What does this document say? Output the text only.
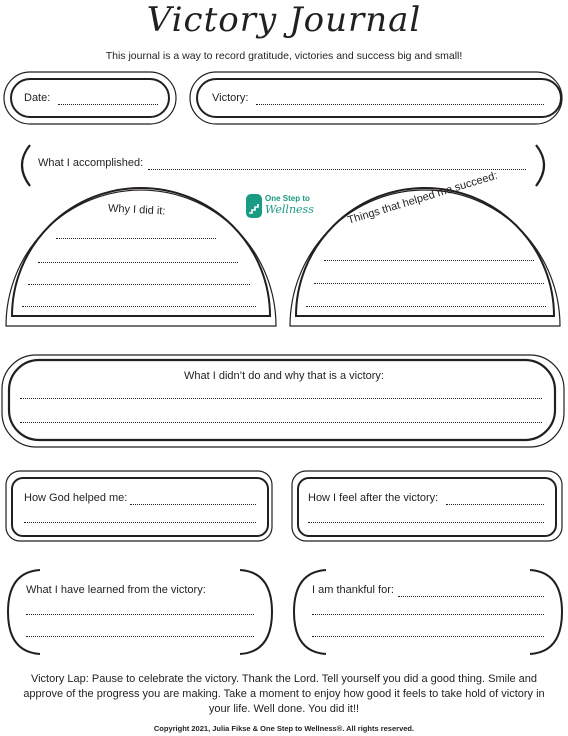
Victory Journal
This journal is a way to record gratitude, victories and success big and small!
Date:	Victory:
What I accomplished:
One Step to
Wellness
Why I did it:	Things that helped me succeed:
What I didn’t do and why that is a victory:
How God helped me:	How I feel after the victory:
What I have learned from the victory:	I am thankful for:
Victory Lap: Pause to celebrate the victory. Thank the Lord. Tell yourself you did a good thing. Smile and approve of the progress you are making. Take a moment to enjoy how good it feels to take hold of victory in your life. Well done. You did it!!
Copyright 2021, Julia Fikse & One Step to Wellness®. All rights reserved.
